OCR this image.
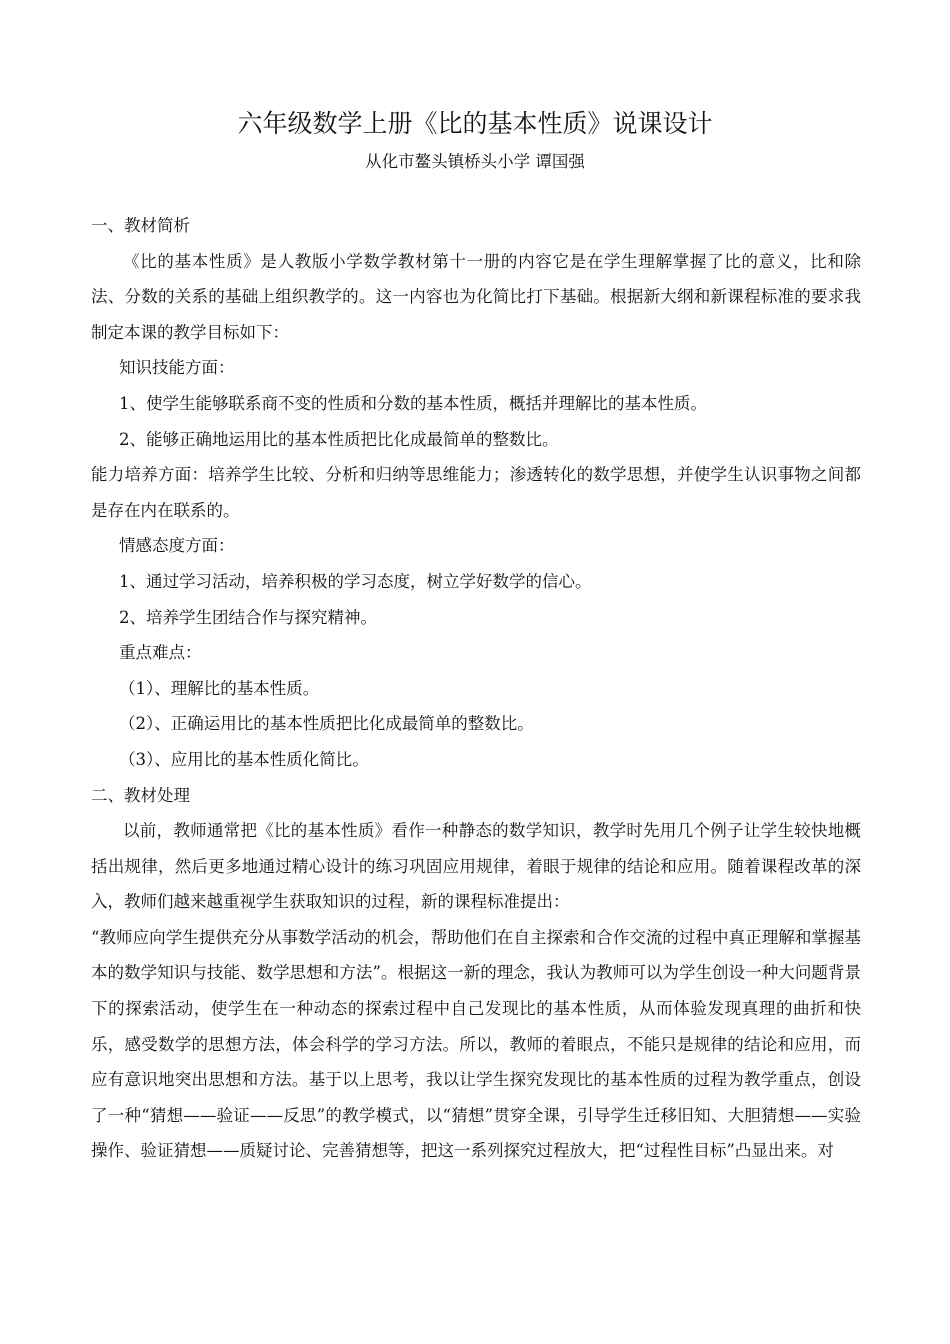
六年级数学上册《比的基本性质》说课设计
从化市鳌头镇桥头小学 谭国强

一、教材简析

《比的基本性质》是人教版小学数学教材第十一册的内容它是在学生理解掌握了比的意义，比和除法、分数的关系的基础上组织教学的。这一内容也为化简比打下基础。根据新大纲和新课程标准的要求我制定本课的教学目标如下：

知识技能方面：

1、使学生能够联系商不变的性质和分数的基本性质，概括并理解比的基本性质。

2、能够正确地运用比的基本性质把比化成最简单的整数比。

能力培养方面：培养学生比较、分析和归纳等思维能力；渗透转化的数学思想，并使学生认识事物之间都是存在内在联系的。

情感态度方面：

1、通过学习活动，培养积极的学习态度，树立学好数学的信心。

2、培养学生团结合作与探究精神。

重点难点：

（1）、理解比的基本性质。

（2）、正确运用比的基本性质把比化成最简单的整数比。

（3）、应用比的基本性质化简比。

二、教材处理

以前，教师通常把《比的基本性质》看作一种静态的数学知识，教学时先用几个例子让学生较快地概括出规律，然后更多地通过精心设计的练习巩固应用规律，着眼于规律的结论和应用。随着课程改革的深入，教师们越来越重视学生获取知识的过程，新的课程标准提出：

“教师应向学生提供充分从事数学活动的机会，帮助他们在自主探索和合作交流的过程中真正理解和掌握基本的数学知识与技能、数学思想和方法”。根据这一新的理念，我认为教师可以为学生创设一种大问题背景下的探索活动，使学生在一种动态的探索过程中自己发现比的基本性质，从而体验发现真理的曲折和快乐，感受数学的思想方法，体会科学的学习方法。所以，教师的着眼点，不能只是规律的结论和应用，而应有意识地突出思想和方法。基于以上思考，我以让学生探究发现比的基本性质的过程为教学重点，创设了一种“猜想——验证——反思”的教学模式，以“猜想”贯穿全课，引导学生迁移旧知、大胆猜想——实验操作、验证猜想——质疑讨论、完善猜想等，把这一系列探究过程放大，把“过程性目标”凸显出来。对
